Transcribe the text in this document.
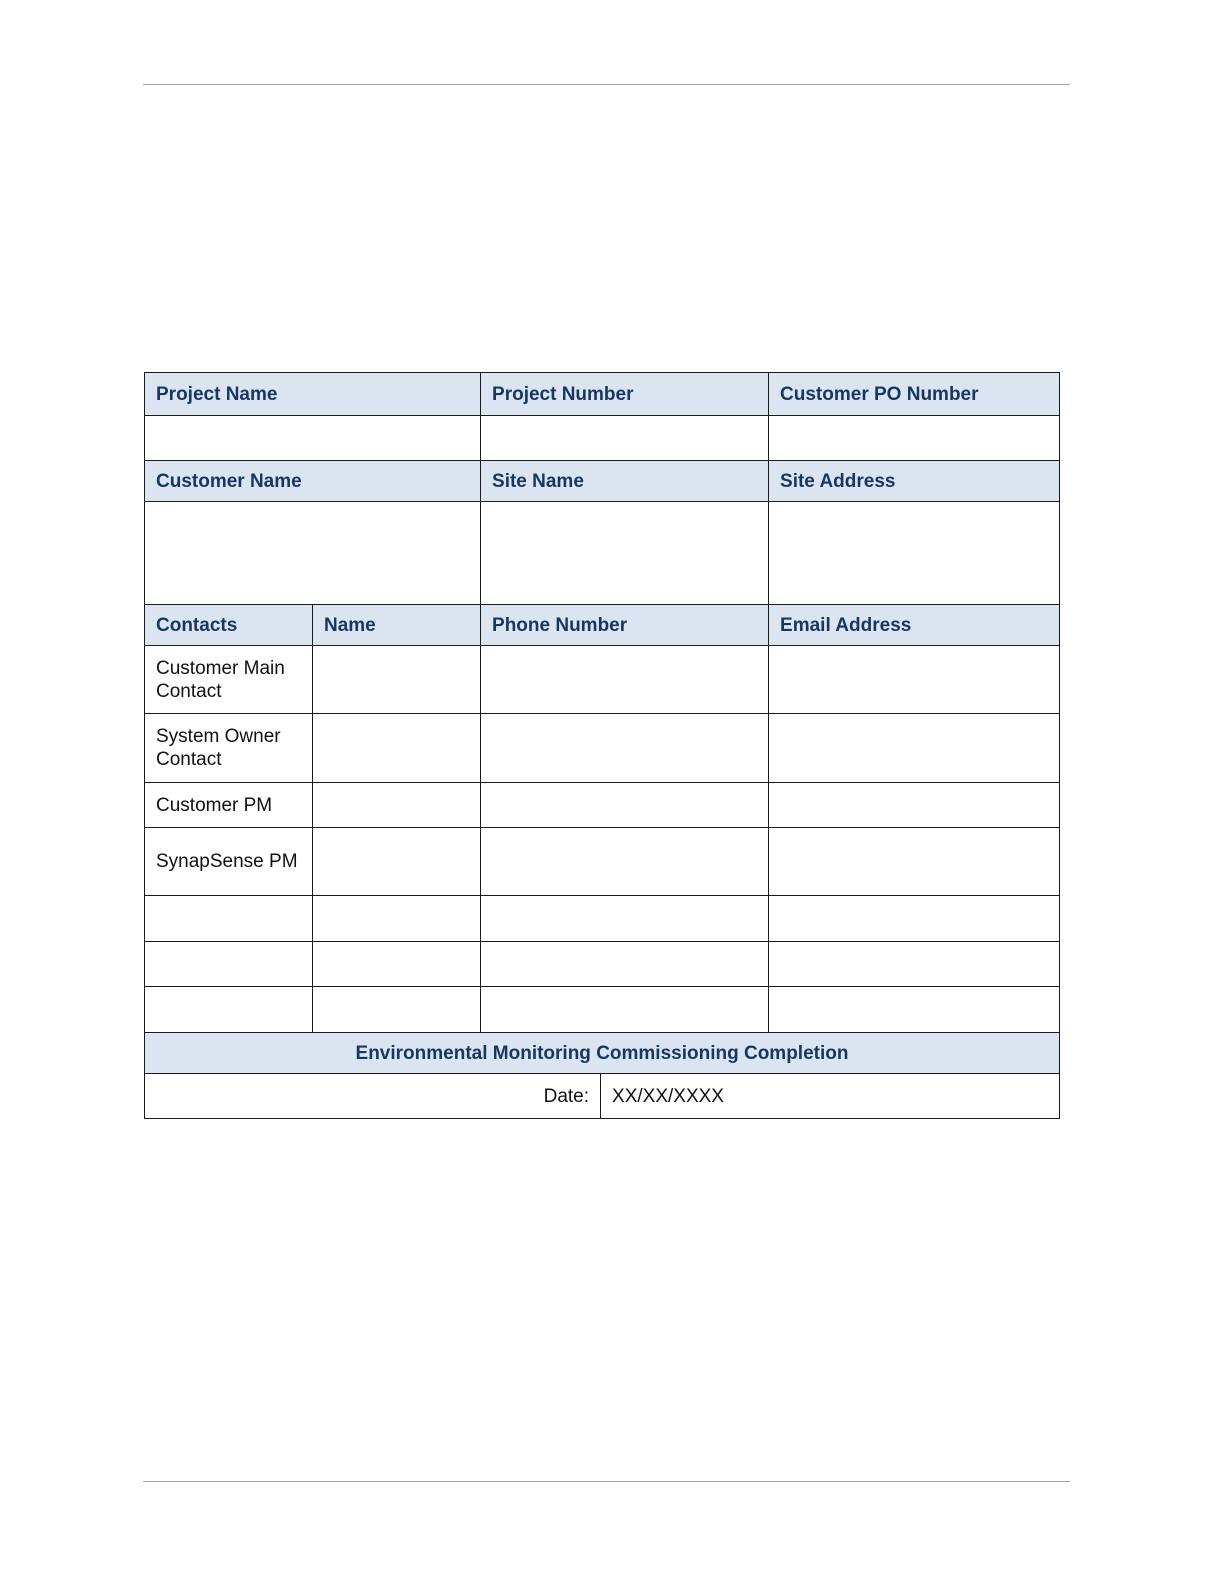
Project Name		Project Number		Customer PO Number

Customer Name		Site Name		Site Address

Contacts	Name	Phone Number		Email Address
Customer Main Contact				
System Owner Contact				
Customer PM				
SynapSense PM				

Environmental Monitoring Commissioning Completion				
Date:			XX/XX/XXXX	
